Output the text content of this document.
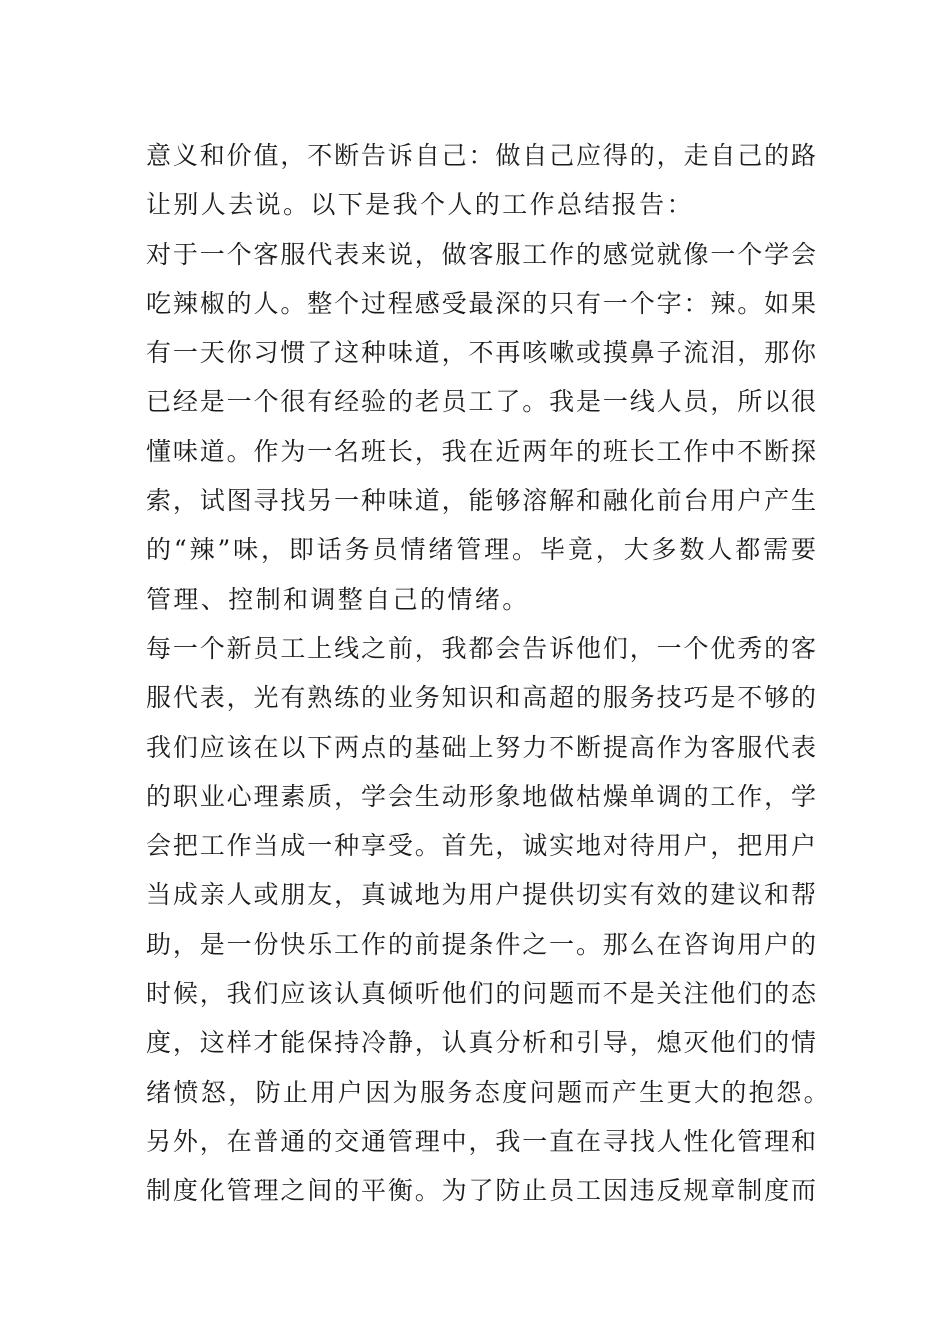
意义和价值，不断告诉自己：做自己应得的，走自己的路
让别人去说。以下是我个人的工作总结报告：
对于一个客服代表来说，做客服工作的感觉就像一个学会
吃辣椒的人。整个过程感受最深的只有一个字：辣。如果
有一天你习惯了这种味道，不再咳嗽或摸鼻子流泪，那你
已经是一个很有经验的老员工了。我是一线人员，所以很
懂味道。作为一名班长，我在近两年的班长工作中不断探
索，试图寻找另一种味道，能够溶解和融化前台用户产生
的“辣”味，即话务员情绪管理。毕竟，大多数人都需要
管理、控制和调整自己的情绪。
每一个新员工上线之前，我都会告诉他们，一个优秀的客
服代表，光有熟练的业务知识和高超的服务技巧是不够的
我们应该在以下两点的基础上努力不断提高作为客服代表
的职业心理素质，学会生动形象地做枯燥单调的工作，学
会把工作当成一种享受。首先，诚实地对待用户，把用户
当成亲人或朋友，真诚地为用户提供切实有效的建议和帮
助，是一份快乐工作的前提条件之一。那么在咨询用户的
时候，我们应该认真倾听他们的问题而不是关注他们的态
度，这样才能保持冷静，认真分析和引导，熄灭他们的情
绪愤怒，防止用户因为服务态度问题而产生更大的抱怨。
另外，在普通的交通管理中，我一直在寻找人性化管理和
制度化管理之间的平衡。为了防止员工因违反规章制度而
